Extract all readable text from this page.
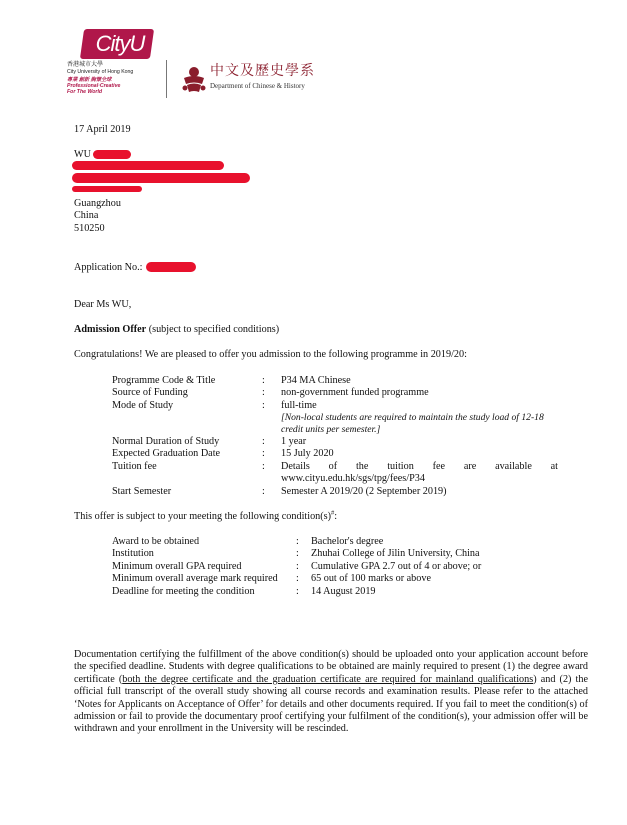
CityU
香港城市大學
City University of Hong Kong
專業 創新 胸懷全球
Professional·Creative
For The World
中文及歷史學系
Department of Chinese & History
17 April 2019
WU
Guangzhou
China
510250
Application No.:
Dear Ms WU,
Admission Offer (subject to specified conditions)
Congratulations! We are pleased to offer you admission to the following programme in 2019/20:
Programme Code & Title	: P34 MA Chinese
Source of Funding	: non-government funded programme
Mode of Study	: full-time
[Non-local students are required to maintain the study load of 12-18
credit units per semester.]
Normal Duration of Study	: 1 year
Expected Graduation Date	: 15 July 2020
Tuition fee	: Details of the tuition fee are available at
www.cityu.edu.hk/sgs/tpg/fees/P34
Start Semester	: Semester A 2019/20 (2 September 2019)
This offer is subject to your meeting the following condition(s)#:
Award to be obtained	: Bachelor's degree
Institution	: Zhuhai College of Jilin University, China
Minimum overall GPA required	: Cumulative GPA 2.7 out of 4 or above; or
Minimum overall average mark required : 65 out of 100 marks or above
Deadline for meeting the condition	: 14 August 2019
Documentation certifying the fulfillment of the above condition(s) should be uploaded onto your application account before the specified deadline. Students with degree qualifications to be obtained are mainly required to present (1) the degree award certificate (both the degree certificate and the graduation certificate are required for mainland qualifications) and (2) the official full transcript of the overall study showing all course records and examination results. Please refer to the attached ‘Notes for Applicants on Acceptance of Offer’ for details and other documents required. If you fail to meet the condition(s) of admission or fail to provide the documentary proof certifying your fulfilment of the condition(s), your admission offer will be withdrawn and your enrollment in the University will be rescinded.
